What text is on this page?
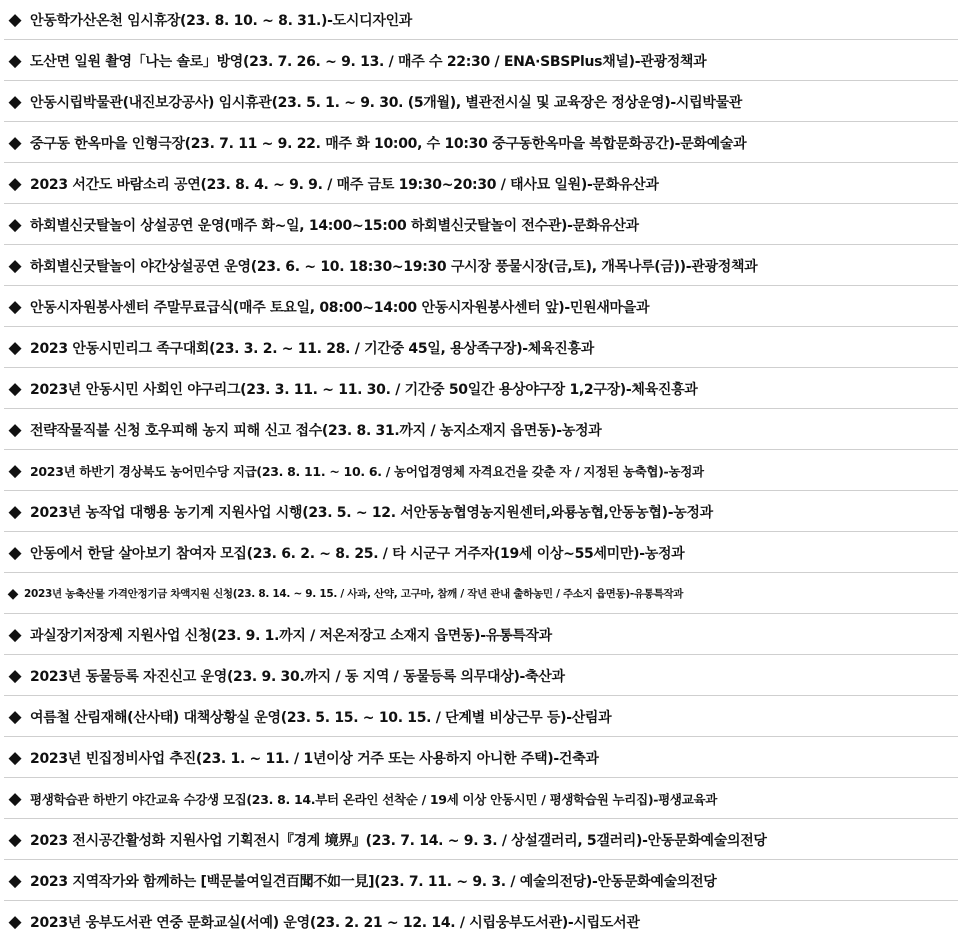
◆ 안동학가산온천 임시휴장(23. 8. 10. ~ 8. 31.)-도시디자인과
◆ 도산면 일원 촬영「나는 솔로」방영(23. 7. 26. ~ 9. 13. / 매주 수 22:30 / ENA·SBSPlus채널)-관광정책과
◆ 안동시립박물관(내진보강공사) 임시휴관(23. 5. 1. ~ 9. 30. (5개월), 별관전시실 및 교육장은 정상운영)-시립박물관
◆ 중구동 한옥마을 인형극장(23. 7. 11 ~ 9. 22. 매주 화 10:00, 수 10:30 중구동한옥마을 복합문화공간)-문화예술과
◆ 2023 서간도 바람소리 공연(23. 8. 4. ~ 9. 9. / 매주 금토 19:30~20:30 / 태사묘 일원)-문화유산과
◆ 하회별신굿탈놀이 상설공연 운영(매주 화~일, 14:00~15:00 하회별신굿탈놀이 전수관)-문화유산과
◆ 하회별신굿탈놀이 야간상설공연 운영(23. 6. ~ 10. 18:30~19:30 구시장 풍물시장(금,토), 개목나루(금))-관광정책과
◆ 안동시자원봉사센터 주말무료급식(매주 토요일, 08:00~14:00 안동시자원봉사센터 앞)-민원새마을과
◆ 2023 안동시민리그 족구대회(23. 3. 2. ~ 11. 28. / 기간중 45일, 용상족구장)-체육진흥과
◆ 2023년 안동시민 사회인 야구리그(23. 3. 11. ~ 11. 30. / 기간중 50일간 용상야구장 1,2구장)-체육진흥과
◆ 전략작물직불 신청 호우피해 농지 피해 신고 접수(23. 8. 31.까지 / 농지소재지 읍면동)-농정과
◆ 2023년 하반기 경상북도 농어민수당 지급(23. 8. 11. ~ 10. 6. / 농어업경영체 자격요건을 갖춘 자 / 지정된 농축협)-농정과
◆ 2023년 농작업 대행용 농기계 지원사업 시행(23. 5. ~ 12. 서안동농협영농지원센터,와룡농협,안동농협)-농정과
◆ 안동에서 한달 살아보기 참여자 모집(23. 6. 2. ~ 8. 25. / 타 시군구 거주자(19세 이상~55세미만)-농정과
◆ 2023년 농축산물 가격안정기금 차액지원 신청(23. 8. 14. ~ 9. 15. / 사과, 산약, 고구마, 참깨 / 작년 관내 출하농민 / 주소지 읍면동)-유통특작과
◆ 과실장기저장제 지원사업 신청(23. 9. 1.까지 / 저온저장고 소재지 읍면동)-유통특작과
◆ 2023년 동물등록 자진신고 운영(23. 9. 30.까지 / 동 지역 / 동물등록 의무대상)-축산과
◆ 여름철 산림재해(산사태) 대책상황실 운영(23. 5. 15. ~ 10. 15. / 단계별 비상근무 등)-산림과
◆ 2023년 빈집정비사업 추진(23. 1. ~ 11. / 1년이상 거주 또는 사용하지 아니한 주택)-건축과
◆ 평생학습관 하반기 야간교육 수강생 모집(23. 8. 14.부터 온라인 선착순 / 19세 이상 안동시민 / 평생학습원 누리집)-평생교육과
◆ 2023 전시공간활성화 지원사업 기획전시『경계 境界』(23. 7. 14. ~ 9. 3. / 상설갤러리, 5갤러리)-안동문화예술의전당
◆ 2023 지역작가와 함께하는 [백문불여일견百聞不如一見](23. 7. 11. ~ 9. 3. / 예술의전당)-안동문화예술의전당
◆ 2023년 웅부도서관 연중 문화교실(서예) 운영(23. 2. 21 ~ 12. 14. / 시립웅부도서관)-시립도서관
